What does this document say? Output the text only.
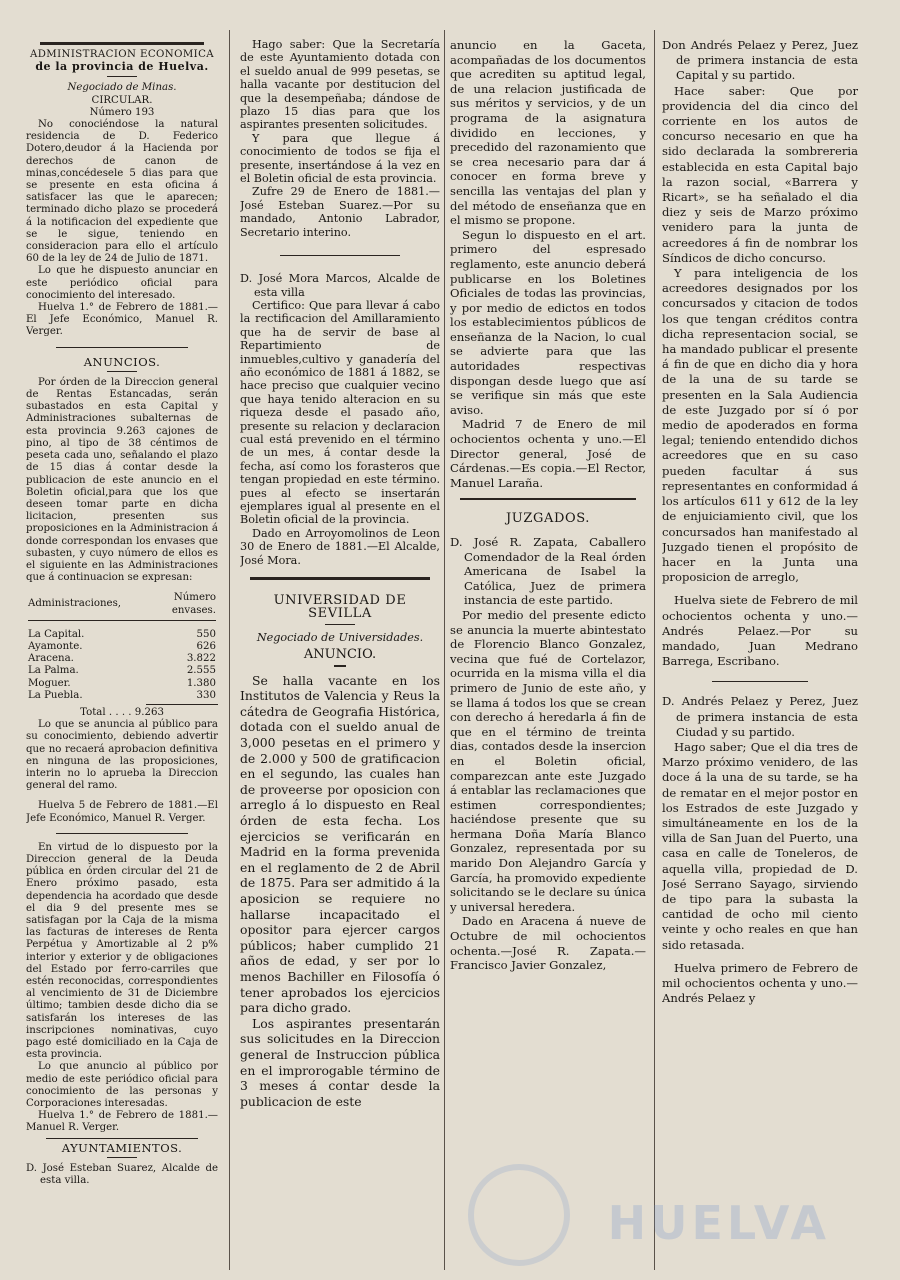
ADMINISTRACION ECONOMICA

de la provincia de Huelva.

Negociado de Minas.

CIRCULAR.

Número 193

No conociéndose la natural residencia de D. Federico Dotero,deudor á la Hacienda por derechos de canon de minas,concédesele 5 dias para que se presente en esta oficina á satisfacer las que le aparecen; terminado dicho plazo se procederá á la notificacion del expediente que se le sigue, teniendo en consideracion para ello el artículo 60 de la ley de 24 de Julio de 1871.

Lo que he dispuesto anunciar en este periódico oficial para conocimiento del interesado.

Huelva 1.° de Febrero de 1881.—El Jefe Económico, Manuel R. Verger.

ANUNCIOS.

Por órden de la Direccion general de Rentas Estancadas, serán subastados en esta Capital y Administraciones subalternas de esta provincia 9.263 cajones de pino, al tipo de 38 céntimos de peseta cada uno, señalando el plazo de 15 dias á contar desde la publicacion de este anuncio en el Boletin oficial,para que los que deseen tomar parte en dicha licitacion, presenten sus proposiciones en la Administracion á donde correspondan los envases que subasten, y cuyo número de ellos es el siguiente en las Administraciones que á continuacion se expresan:

Administraciones,	Número envases.

La Capital.	550
Ayamonte.	626
Aracena.	3.822
La Palma.	2.555
Moguer.	1.380
La Puebla.	330

Total . . . . 9.263

Lo que se anuncia al público para su conocimiento, debiendo advertir que no recaerá aprobacion definitiva en ninguna de las proposiciones, interin no lo aprueba la Direccion general del ramo.

Huelva 5 de Febrero de 1881.—El Jefe Económico, Manuel R. Verger.

En virtud de lo dispuesto por la Direccion general de la Deuda pública en órden circular del 21 de Enero próximo pasado, esta dependencia ha acordado que desde el dia 9 del presente mes se satisfagan por la Caja de la misma las facturas de intereses de Renta Perpétua y Amortizable al 2 p% interior y exterior y de obligaciones del Estado por ferro-carriles que estén reconocidas, correspondientes al vencimiento de 31 de Diciembre último; tambien desde dicho dia se satisfarán los intereses de las inscripciones nominativas, cuyo pago esté domiciliado en la Caja de esta provincia.

Lo que anuncio al público por medio de este periódico oficial para conocimiento de las personas y Corporaciones interesadas.

Huelva 1.° de Febrero de 1881.—Manuel R. Verger.

AYUNTAMIENTOS.

D. José Esteban Suarez, Alcalde de esta villa.

Hago saber: Que la Secretaría de este Ayuntamiento dotada con el sueldo anual de 999 pesetas, se halla vacante por destitucion del que la desempeñaba; dándose de plazo 15 dias para que los aspirantes presenten solicitudes.

Y para que llegue á conocimiento de todos se fija el presente, insertándose á la vez en el Boletin oficial de esta provincia.

Zufre 29 de Enero de 1881.—José Esteban Suarez.—Por su mandado, Antonio Labrador, Secretario interino.

D. José Mora Marcos, Alcalde de esta villa

Certifico: Que para llevar á cabo la rectificacion del Amillaramiento que ha de servir de base al Repartimiento de inmuebles,cultivo y ganadería del año económico de 1881 á 1882, se hace preciso que cualquier vecino que haya tenido alteracion en su riqueza desde el pasado año, presente su relacion y declaracion cual está prevenido en el término de un mes, á contar desde la fecha, así como los forasteros que tengan propiedad en este término. pues al efecto se insertarán ejemplares igual al presente en el Boletin oficial de la provincia.

Dado en Arroyomolinos de Leon 30 de Enero de 1881.—El Alcalde, José Mora.

UNIVERSIDAD DE SEVILLA

Negociado de Universidades.

ANUNCIO.

Se halla vacante en los Institutos de Valencia y Reus la cátedra de Geografia Histórica, dotada con el sueldo anual de 3,000 pesetas en el primero y de 2.000 y 500 de gratificacion en el segundo, las cuales han de proveerse por oposicion con arreglo á lo dispuesto en Real órden de esta fecha. Los ejercicios se verificarán en Madrid en la forma prevenida en el reglamento de 2 de Abril de 1875. Para ser admitido á la aposicion se requiere no hallarse incapacitado el opositor para ejercer cargos públicos; haber cumplido 21 años de edad, y ser por lo menos Bachiller en Filosofía ó tener aprobados los ejercicios para dicho grado.

Los aspirantes presentarán sus solicitudes en la Direccion general de Instruccion pública en el improrogable término de 3 meses á contar desde la publicacion de este

anuncio en la Gaceta, acompañadas de los documentos que acrediten su aptitud legal, de una relacion justificada de sus méritos y servicios, y de un programa de la asignatura dividido en lecciones, y precedido del razonamiento que se crea necesario para dar á conocer en forma breve y sencilla las ventajas del plan y del método de enseñanza que en el mismo se propone.

Segun lo dispuesto en el art. primero del espresado reglamento, este anuncio deberá publicarse en los Boletines Oficiales de todas las provincias, y por medio de edictos en todos los establecimientos públicos de enseñanza de la Nacion, lo cual se advierte para que las autoridades respectivas dispongan desde luego que así se verifique sin más que este aviso.

Madrid 7 de Enero de mil ochocientos ochenta y uno.—El Director general, José de Cárdenas.—Es copia.—El Rector, Manuel Laraña.

JUZGADOS.

D. José R. Zapata, Caballero Comendador de la Real órden Americana de Isabel la Católica, Juez de primera instancia de este partido.

Por medio del presente edicto se anuncia la muerte abintestato de Florencio Blanco Gonzalez, vecina que fué de Cortelazor, ocurrida en la misma villa el dia primero de Junio de este año, y se llama á todos los que se crean con derecho á heredarla á fin de que en el término de treinta dias, contados desde la insercion en el Boletin oficial, comparezcan ante este Juzgado á entablar las reclamaciones que estimen correspondientes; haciéndose presente que su hermana Doña María Blanco Gonzalez, representada por su marido Don Alejandro García y García, ha promovido expediente solicitando se le declare su única y universal heredera.

Dado en Aracena á nueve de Octubre de mil ochocientos ochenta.—José R. Zapata.—Francisco Javier Gonzalez,

Don Andrés Pelaez y Perez, Juez de primera instancia de esta Capital y su partido.

Hace saber: Que por providencia del dia cinco del corriente en los autos de concurso necesario en que ha sido declarada la sombrereria establecida en esta Capital bajo la razon social, «Barrera y Ricart», se ha señalado el dia diez y seis de Marzo próximo venidero para la junta de acreedores á fin de nombrar los Síndicos de dicho concurso.

Y para inteligencia de los acreedores designados por los concursados y citacion de todos los que tengan créditos contra dicha representacion social, se ha mandado publicar el presente á fin de que en dicho dia y hora de la una de su tarde se presenten en la Sala Audiencia de este Juzgado por sí ó por medio de apoderados en forma legal; teniendo entendido dichos acreedores que en su caso pueden facultar á sus representantes en conformidad á los artículos 611 y 612 de la ley de enjuiciamiento civil, que los concursados han manifestado al Juzgado tienen el propósito de hacer en la Junta una proposicion de arreglo,

Huelva siete de Febrero de mil ochocientos ochenta y uno.—Andrés Pelaez.—Por su mandado, Juan Medrano Barrega, Escribano.

D. Andrés Pelaez y Perez, Juez de primera instancia de esta Ciudad y su partido.

Hago saber; Que el dia tres de Marzo próximo venidero, de las doce á la una de su tarde, se ha de rematar en el mejor postor en los Estrados de este Juzgado y simultáneamente en los de la villa de San Juan del Puerto, una casa en calle de Toneleros, de aquella villa, propiedad de D. José Serrano Sayago, sirviendo de tipo para la subasta la cantidad de ocho mil ciento veinte y ocho reales en que han sido retasada.

Huelva primero de Febrero de mil ochocientos ochenta y uno.—Andrés Pelaez y

HUELVA
